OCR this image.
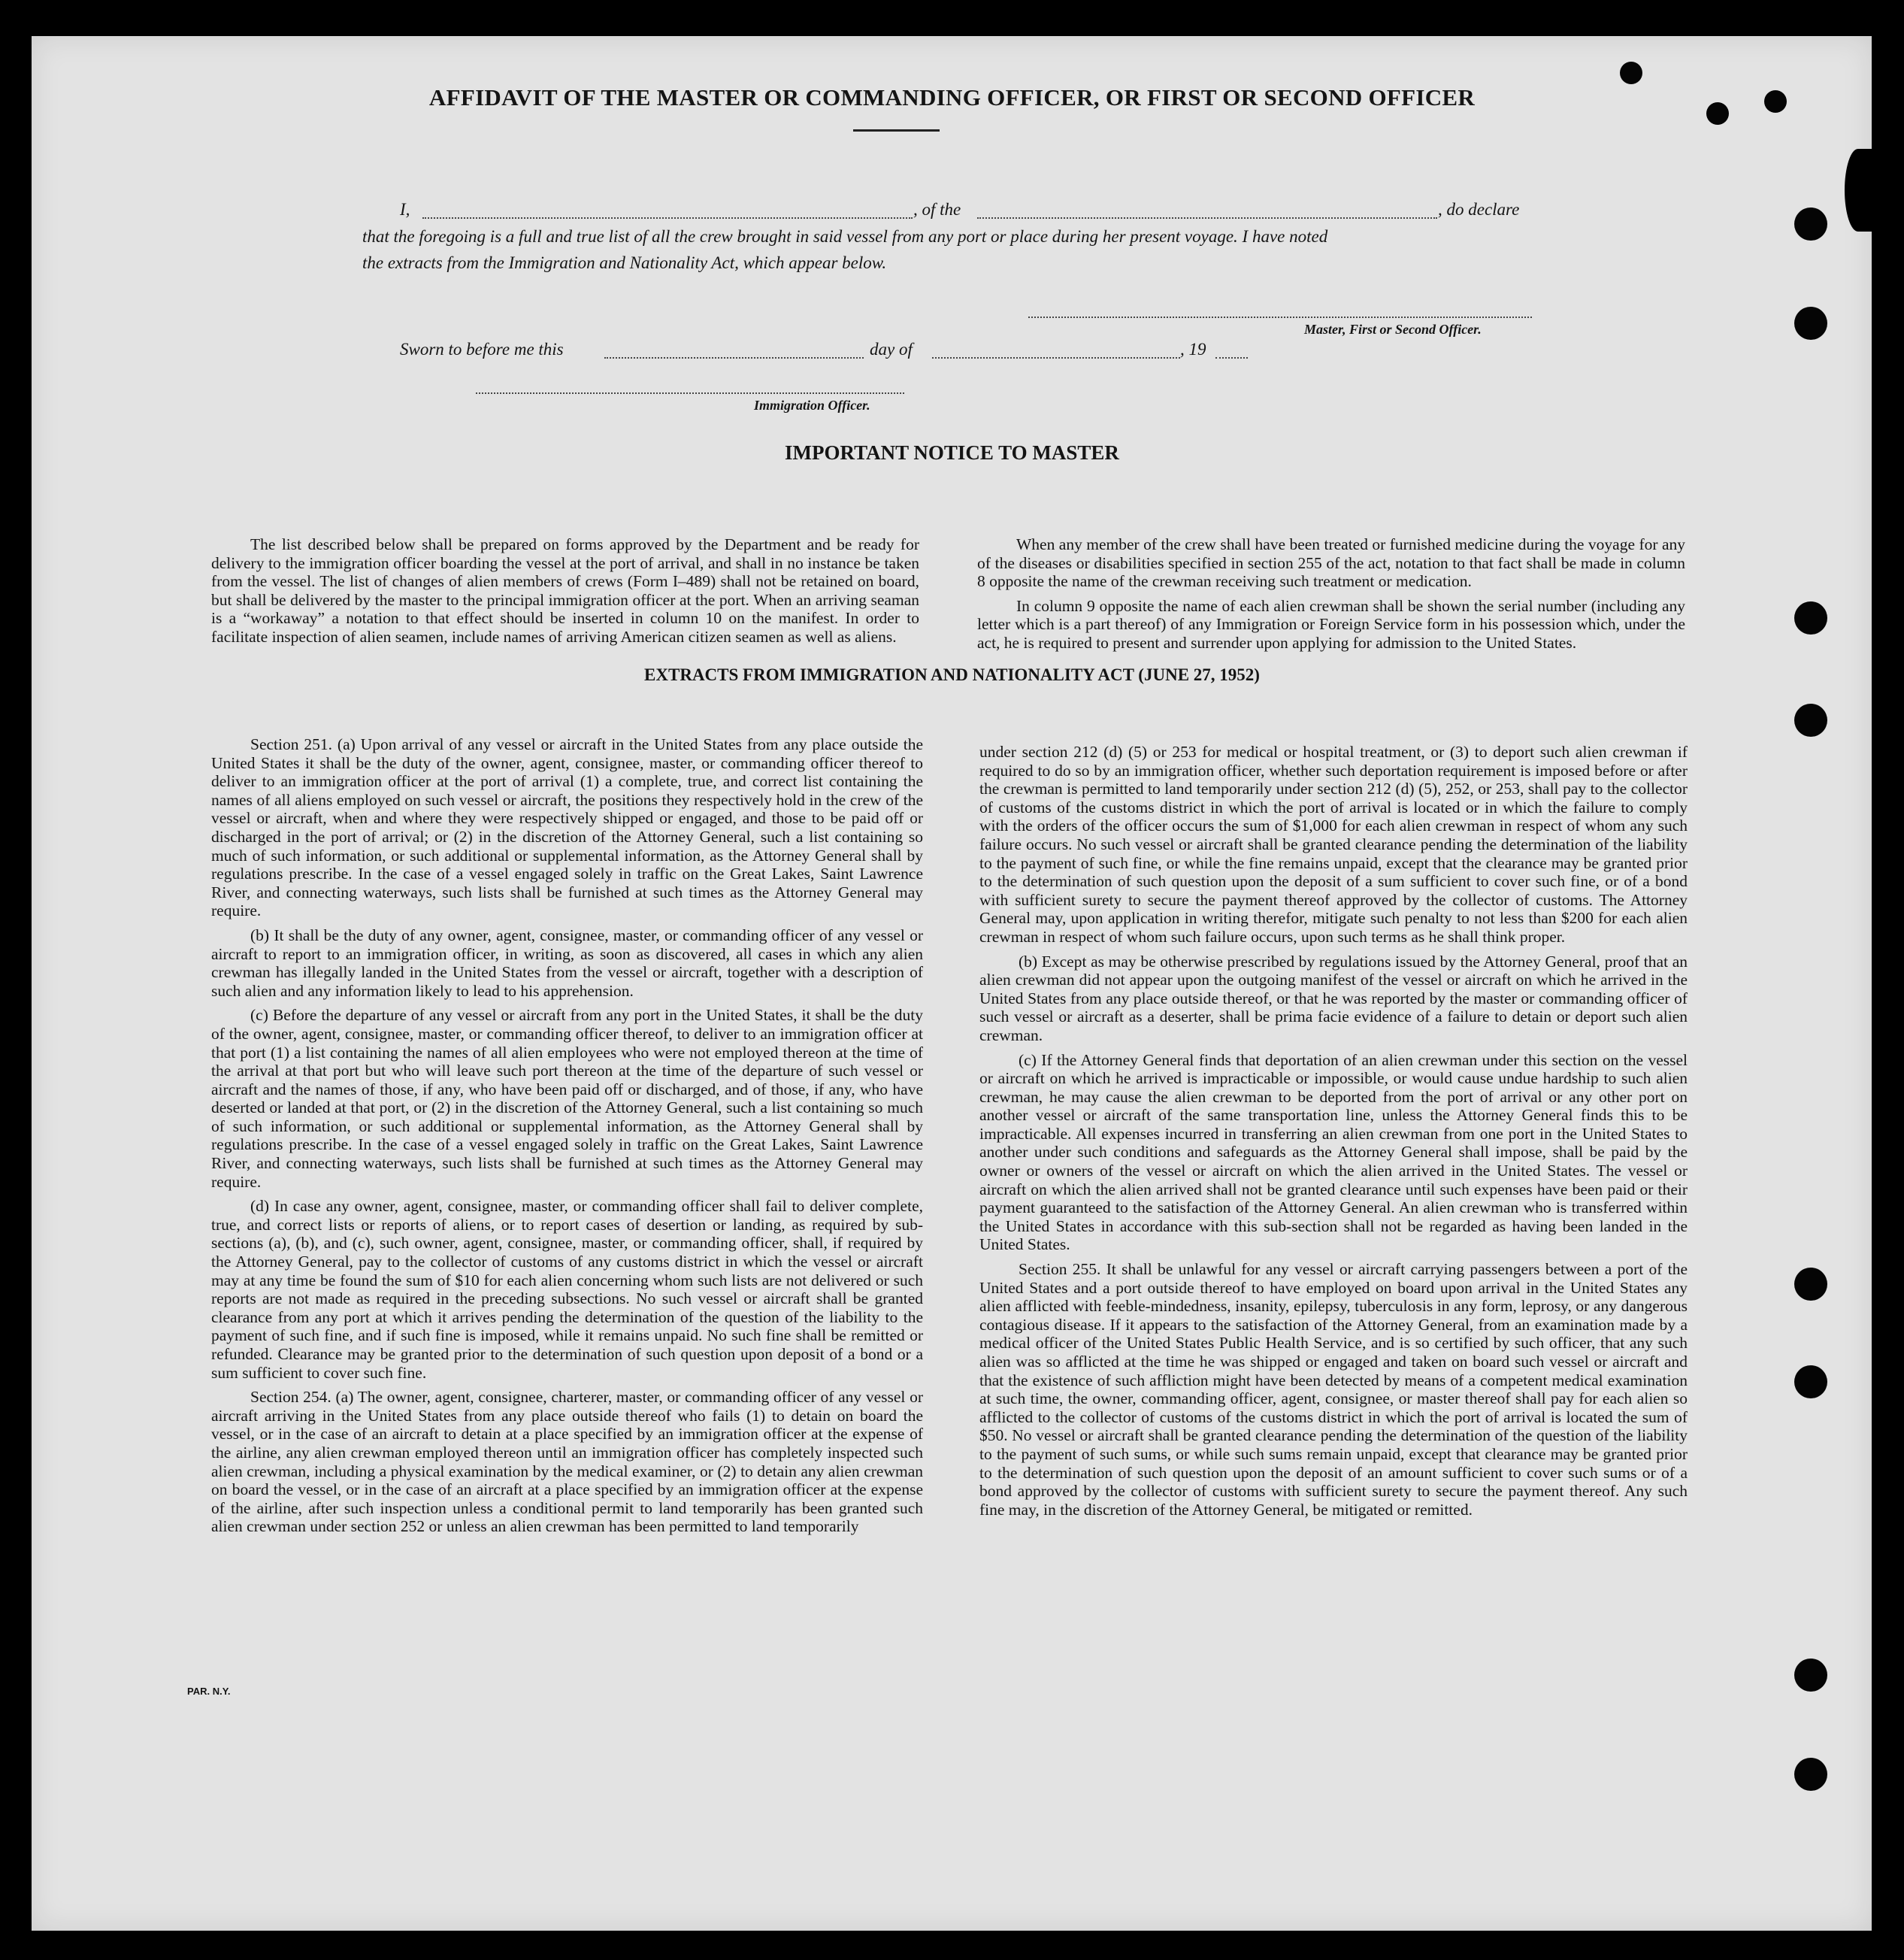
AFFIDAVIT OF THE MASTER OR COMMANDING OFFICER, OR FIRST OR SECOND OFFICER
I,	, of the	, do declare
that the foregoing is a full and true list of all the crew brought in said vessel from any port or place during her present voyage. I have noted
the extracts from the Immigration and Nationality Act, which appear below.
Master, First or Second Officer.
Sworn to before me this	day of	, 19
Immigration Officer.
IMPORTANT NOTICE TO MASTER

The list described below shall be prepared on forms approved by the Department and be ready for delivery to the immigration officer boarding the vessel at the port of arrival, and shall in no instance be taken from the vessel. The list of changes of alien members of crews (Form I–489) shall not be retained on board, but shall be delivered by the master to the principal immigration officer at the port. When an arriving seaman is a “workaway” a notation to that effect should be inserted in column 10 on the manifest. In order to facilitate inspection of alien seamen, include names of arriving American citizen seamen as well as aliens.

When any member of the crew shall have been treated or furnished medicine during the voyage for any of the diseases or disabilities specified in section 255 of the act, notation to that fact shall be made in column 8 opposite the name of the crewman receiving such treatment or medication.

In column 9 opposite the name of each alien crewman shall be shown the serial number (including any letter which is a part thereof) of any Immigration or Foreign Service form in his possession which, under the act, he is required to present and surrender upon applying for admission to the United States.

EXTRACTS FROM IMMIGRATION AND NATIONALITY ACT (JUNE 27, 1952)

Section 251. (a) Upon arrival of any vessel or aircraft in the United States from any place outside the United States it shall be the duty of the owner, agent, consignee, master, or commanding officer thereof to deliver to an immigration officer at the port of arrival (1) a complete, true, and correct list containing the names of all aliens employed on such vessel or aircraft, the positions they respectively hold in the crew of the vessel or aircraft, when and where they were respectively shipped or engaged, and those to be paid off or discharged in the port of arrival; or (2) in the discretion of the Attorney General, such a list containing so much of such information, or such additional or supplemental information, as the Attorney General shall by regulations prescribe. In the case of a vessel engaged solely in traffic on the Great Lakes, Saint Lawrence River, and connecting waterways, such lists shall be furnished at such times as the Attorney General may require.

(b) It shall be the duty of any owner, agent, consignee, master, or commanding officer of any vessel or aircraft to report to an immigration officer, in writing, as soon as discovered, all cases in which any alien crewman has illegally landed in the United States from the vessel or aircraft, together with a description of such alien and any information likely to lead to his apprehension.

(c) Before the departure of any vessel or aircraft from any port in the United States, it shall be the duty of the owner, agent, consignee, master, or commanding officer thereof, to deliver to an immigration officer at that port (1) a list containing the names of all alien employees who were not employed thereon at the time of the arrival at that port but who will leave such port thereon at the time of the departure of such vessel or aircraft and the names of those, if any, who have been paid off or discharged, and of those, if any, who have deserted or landed at that port, or (2) in the discretion of the Attorney General, such a list containing so much of such information, or such additional or supplemental information, as the Attorney General shall by regulations prescribe. In the case of a vessel engaged solely in traffic on the Great Lakes, Saint Lawrence River, and connecting waterways, such lists shall be furnished at such times as the Attorney General may require.

(d) In case any owner, agent, consignee, master, or commanding officer shall fail to deliver complete, true, and correct lists or reports of aliens, or to report cases of desertion or landing, as required by sub-sections (a), (b), and (c), such owner, agent, consignee, master, or commanding officer, shall, if required by the Attorney General, pay to the collector of customs of any customs district in which the vessel or aircraft may at any time be found the sum of $10 for each alien concerning whom such lists are not delivered or such reports are not made as required in the preceding subsections. No such vessel or aircraft shall be granted clearance from any port at which it arrives pending the determination of the question of the liability to the payment of such fine, and if such fine is imposed, while it remains unpaid. No such fine shall be remitted or refunded. Clearance may be granted prior to the determination of such question upon deposit of a bond or a sum sufficient to cover such fine.

Section 254. (a) The owner, agent, consignee, charterer, master, or commanding officer of any vessel or aircraft arriving in the United States from any place outside thereof who fails (1) to detain on board the vessel, or in the case of an aircraft to detain at a place specified by an immigration officer at the expense of the airline, any alien crewman employed thereon until an immigration officer has completely inspected such alien crewman, including a physical examination by the medical examiner, or (2) to detain any alien crewman on board the vessel, or in the case of an aircraft at a place specified by an immigration officer at the expense of the airline, after such inspection unless a conditional permit to land temporarily has been granted such alien crewman under section 252 or unless an alien crewman has been permitted to land temporarily

under section 212 (d) (5) or 253 for medical or hospital treatment, or (3) to deport such alien crewman if required to do so by an immigration officer, whether such deportation requirement is imposed before or after the crewman is permitted to land temporarily under section 212 (d) (5), 252, or 253, shall pay to the collector of customs of the customs district in which the port of arrival is located or in which the failure to comply with the orders of the officer occurs the sum of $1,000 for each alien crewman in respect of whom any such failure occurs. No such vessel or aircraft shall be granted clearance pending the determination of the liability to the payment of such fine, or while the fine remains unpaid, except that the clearance may be granted prior to the determination of such question upon the deposit of a sum sufficient to cover such fine, or of a bond with sufficient surety to secure the payment thereof approved by the collector of customs. The Attorney General may, upon application in writing therefor, mitigate such penalty to not less than $200 for each alien crewman in respect of whom such failure occurs, upon such terms as he shall think proper.

(b) Except as may be otherwise prescribed by regulations issued by the Attorney General, proof that an alien crewman did not appear upon the outgoing manifest of the vessel or aircraft on which he arrived in the United States from any place outside thereof, or that he was reported by the master or commanding officer of such vessel or aircraft as a deserter, shall be prima facie evidence of a failure to detain or deport such alien crewman.

(c) If the Attorney General finds that deportation of an alien crewman under this section on the vessel or aircraft on which he arrived is impracticable or impossible, or would cause undue hardship to such alien crewman, he may cause the alien crewman to be deported from the port of arrival or any other port on another vessel or aircraft of the same transportation line, unless the Attorney General finds this to be impracticable. All expenses incurred in transferring an alien crewman from one port in the United States to another under such conditions and safeguards as the Attorney General shall impose, shall be paid by the owner or owners of the vessel or aircraft on which the alien arrived in the United States. The vessel or aircraft on which the alien arrived shall not be granted clearance until such expenses have been paid or their payment guaranteed to the satisfaction of the Attorney General. An alien crewman who is transferred within the United States in accordance with this sub-section shall not be regarded as having been landed in the United States.

Section 255. It shall be unlawful for any vessel or aircraft carrying passengers between a port of the United States and a port outside thereof to have employed on board upon arrival in the United States any alien afflicted with feeble-mindedness, insanity, epilepsy, tuberculosis in any form, leprosy, or any dangerous contagious disease. If it appears to the satisfaction of the Attorney General, from an examination made by a medical officer of the United States Public Health Service, and is so certified by such officer, that any such alien was so afflicted at the time he was shipped or engaged and taken on board such vessel or aircraft and that the existence of such affliction might have been detected by means of a competent medical examination at such time, the owner, commanding officer, agent, consignee, or master thereof shall pay for each alien so afflicted to the collector of customs of the customs district in which the port of arrival is located the sum of $50. No vessel or aircraft shall be granted clearance pending the determination of the question of the liability to the payment of such sums, or while such sums remain unpaid, except that clearance may be granted prior to the determination of such question upon the deposit of an amount sufficient to cover such sums or of a bond approved by the collector of customs with sufficient surety to secure the payment thereof. Any such fine may, in the discretion of the Attorney General, be mitigated or remitted.

PAR. N.Y.
